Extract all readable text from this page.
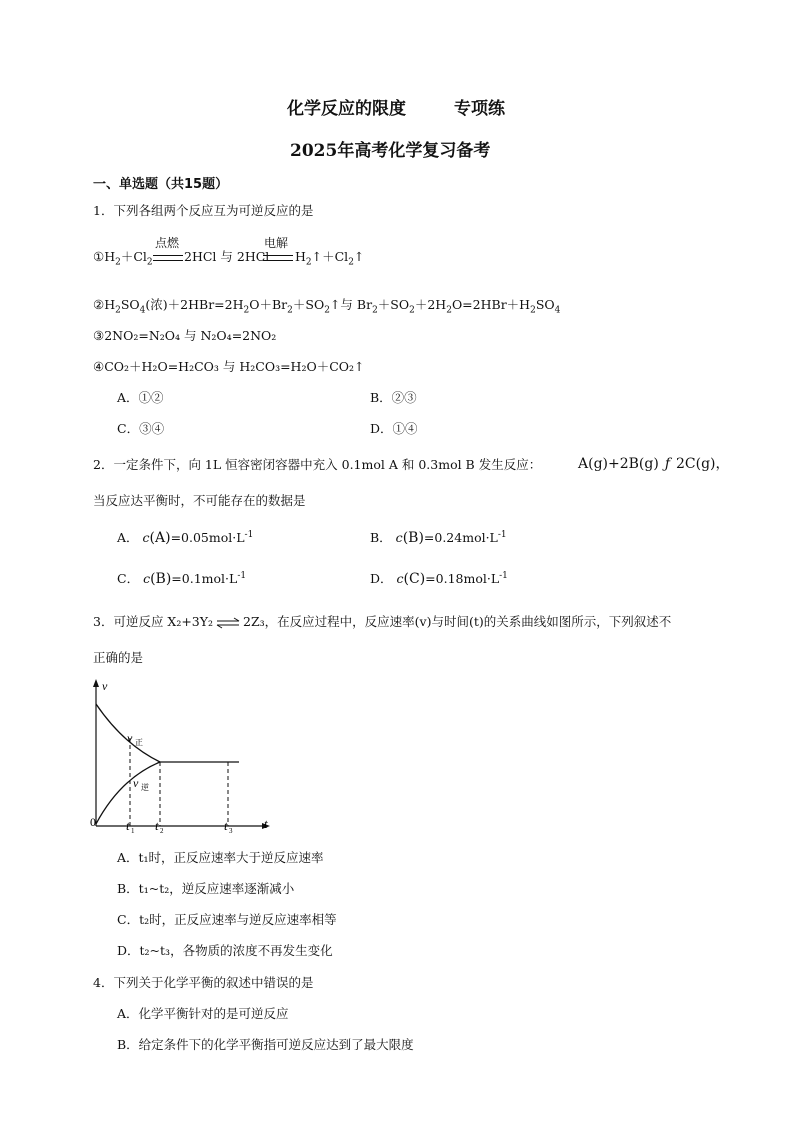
化学反应的限度	专项练
2025年高考化学复习备考
一、单选题（共15题）
1．下列各组两个反应互为可逆反应的是
$①H_2+Cl_2$
点燃
2HCl 与 2HCl
电解
$H_2↑+Cl_2↑$
$②H_2SO_4$(浓)$+2HBr=2H_2O+Br_2+SO_2↑$与 $Br_2+SO_2+2H_2O=2HBr+H_2SO_4$
③2NO₂=N₂O₄ 与 N₂O₄=2NO₂
④CO₂＋H₂O=H₂CO₃ 与 H₂CO₃=H₂O＋CO₂↑
A．①②	B．②③
C．③④	D．①④
2．一定条件下，向 1L 恒容密闭容器中充入 0.1mol A 和 0.3mol B 发生反应：	A(g)+2B(g) ƒ 2C(g)，
当反应达平衡时，不可能存在的数据是
A． $c(A)=0.05mol\cdot L^{-1}$	B． $c(B)=0.24mol\cdot L^{-1}$
C． $c(B)=0.1mol\cdot L^{-1}$	D． $c(C)=0.18mol\cdot L^{-1}$
3．可逆反应 X₂+3Y₂ ⇌ 2Z₃，在反应过程中，反应速率(v)与时间(t)的关系曲线如图所示，下列叙述不
正确的是
v
t
0
v 正
v 逆
t 1 t 2	t 3
A．t₁时，正反应速率大于逆反应速率
B．t₁~t₂，逆反应速率逐渐减小
C．t₂时，正反应速率与逆反应速率相等
D．t₂~t₃，各物质的浓度不再发生变化
4．下列关于化学平衡的叙述中错误的是
A．化学平衡针对的是可逆反应
B．给定条件下的化学平衡指可逆反应达到了最大限度
